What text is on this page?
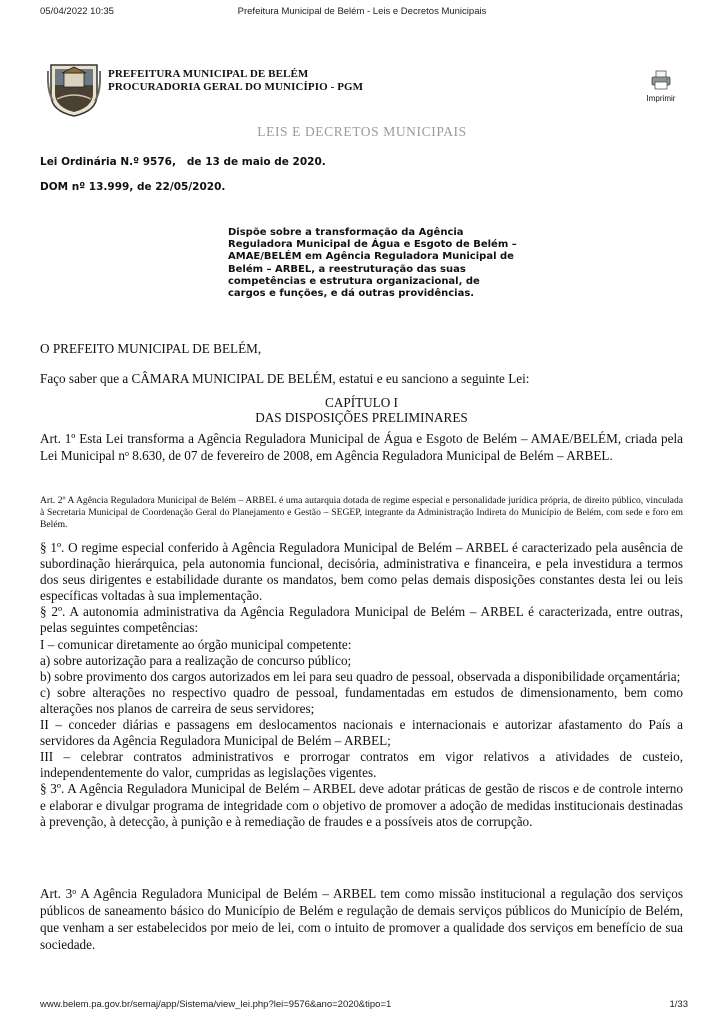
05/04/2022 10:35	Prefeitura Municipal de Belém - Leis e Decretos Municipais
PREFEITURA MUNICIPAL DE BELÉM
PROCURADORIA GERAL DO MUNICÍPIO - PGM
Imprimir
LEIS E DECRETOS MUNICIPAIS
Lei Ordinária N.º 9576, de 13 de maio de 2020.
DOM nº 13.999, de 22/05/2020.
Dispõe sobre a transformação da Agência Reguladora Municipal de Água e Esgoto de Belém – AMAE/BELÉM em Agência Reguladora Municipal de Belém – ARBEL, a reestruturação das suas competências e estrutura organizacional, de cargos e funções, e dá outras providências.
O PREFEITO MUNICIPAL DE BELÉM,
Faço saber que a CÂMARA MUNICIPAL DE BELÉM, estatui e eu sanciono a seguinte Lei:
CAPÍTULO I
DAS DISPOSIÇÕES PRELIMINARES
Art. 1º Esta Lei transforma a Agência Reguladora Municipal de Água e Esgoto de Belém – AMAE/BELÉM, criada pela Lei Municipal $n^o$ 8.630, de 07 de fevereiro de 2008, em Agência Reguladora Municipal de Belém – ARBEL.
Art. 2º A Agência Reguladora Municipal de Belém – ARBEL é uma autarquia dotada de regime especial e personalidade jurídica própria, de direito público, vinculada à Secretaria Municipal de Coordenação Geral do Planejamento e Gestão – SEGEP, integrante da Administração Indireta do Município de Belém, com sede e foro em Belém.
§ 1º. O regime especial conferido à Agência Reguladora Municipal de Belém – ARBEL é caracterizado pela ausência de subordinação hierárquica, pela autonomia funcional, decisória, administrativa e financeira, e pela investidura a termos dos seus dirigentes e estabilidade durante os mandatos, bem como pelas demais disposições constantes desta lei ou leis específicas voltadas à sua implementação.
§ 2º. A autonomia administrativa da Agência Reguladora Municipal de Belém – ARBEL é caracterizada, entre outras, pelas seguintes competências:
I – comunicar diretamente ao órgão municipal competente:
a) sobre autorização para a realização de concurso público;
b) sobre provimento dos cargos autorizados em lei para seu quadro de pessoal, observada a disponibilidade orçamentária;
c) sobre alterações no respectivo quadro de pessoal, fundamentadas em estudos de dimensionamento, bem como alterações nos planos de carreira de seus servidores;
II – conceder diárias e passagens em deslocamentos nacionais e internacionais e autorizar afastamento do País a servidores da Agência Reguladora Municipal de Belém – ARBEL;
III – celebrar contratos administrativos e prorrogar contratos em vigor relativos a atividades de custeio, independentemente do valor, cumpridas as legislações vigentes.
§ 3º. A Agência Reguladora Municipal de Belém – ARBEL deve adotar práticas de gestão de riscos e de controle interno e elaborar e divulgar programa de integridade com o objetivo de promover a adoção de medidas institucionais destinadas à prevenção, à detecção, à punição e à remediação de fraudes e a possíveis atos de corrupção.
Art. 3$^o$ A Agência Reguladora Municipal de Belém – ARBEL tem como missão institucional a regulação dos serviços públicos de saneamento básico do Município de Belém e regulação de demais serviços públicos do Município de Belém, que venham a ser estabelecidos por meio de lei, com o intuito de promover a qualidade dos serviços em benefício de sua sociedade.
www.belem.pa.gov.br/semaj/app/Sistema/view_lei.php?lei=9576&ano=2020&tipo=1	1/33
